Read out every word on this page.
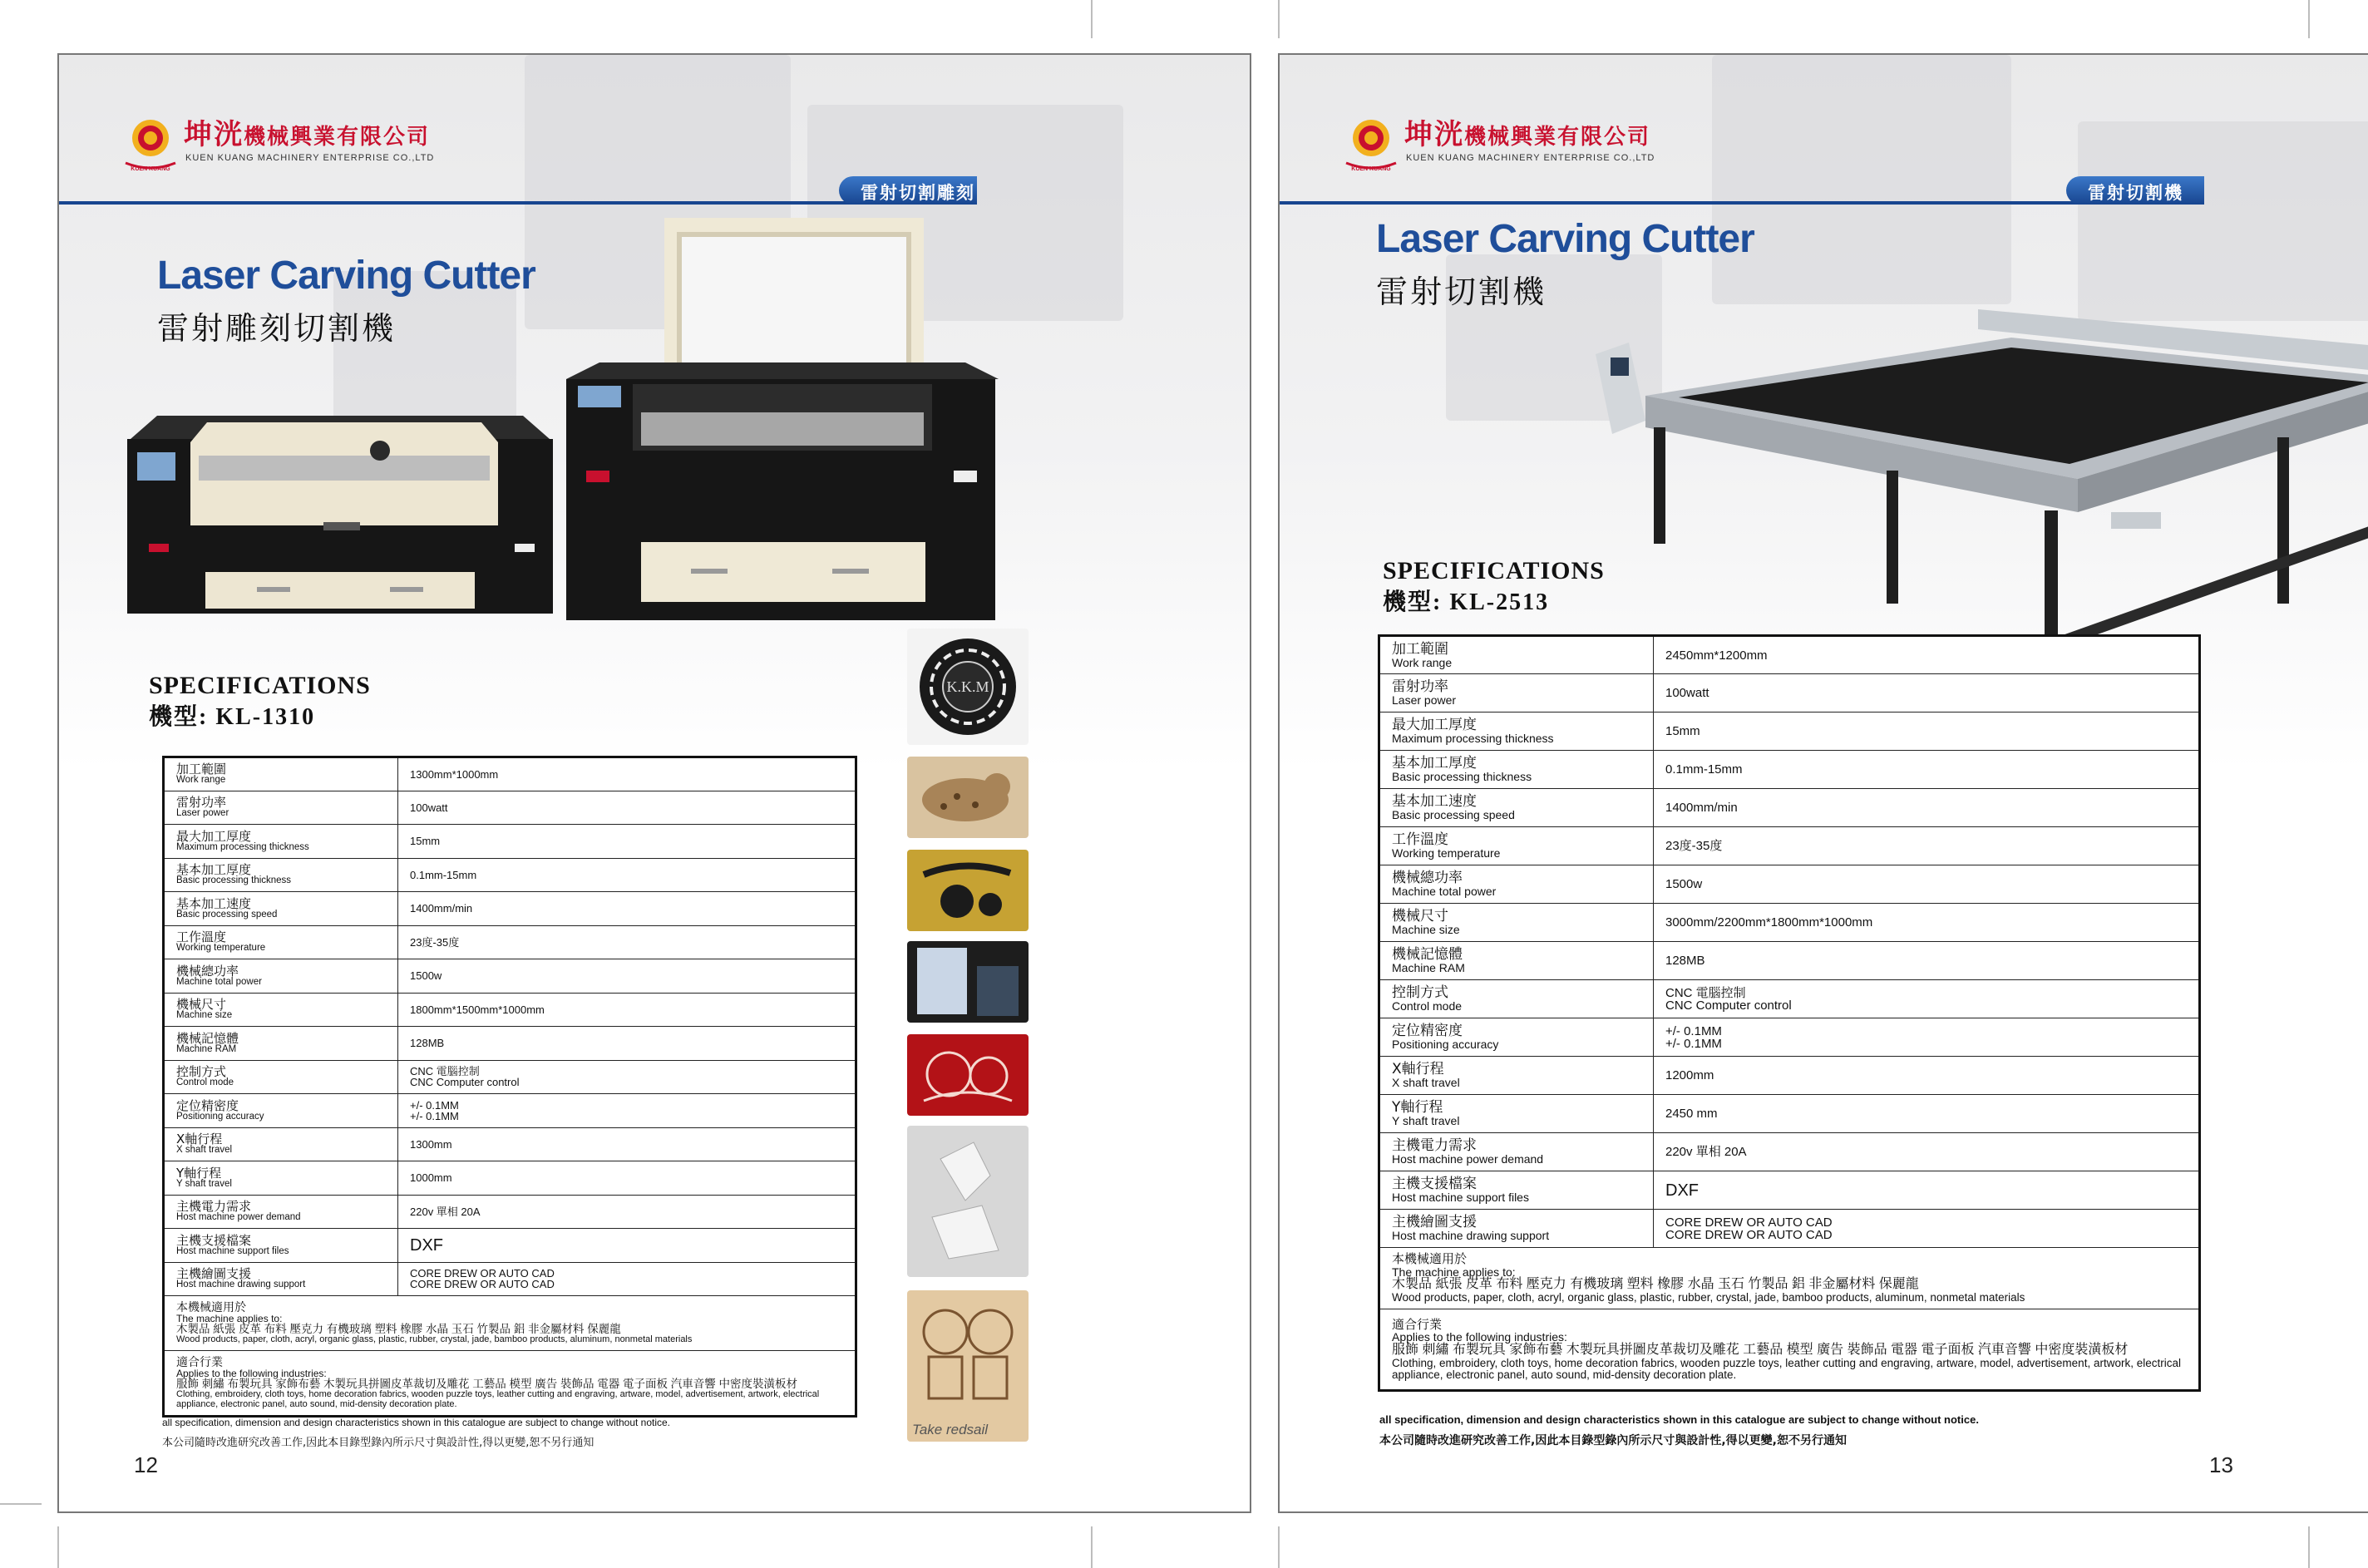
KUEN KUANG
坤洸機械興業有限公司
KUEN KUANG MACHINERY ENTERPRISE CO.,LTD
雷射切割雕刻
Laser Carving Cutter
雷射雕刻切割機
K.K.M
Take redsail
SPECIFICATIONS
機型: KL-1310
加工範圍
Work range	1300mm*1000mm

雷射功率
Laser power	100watt

最大加工厚度
Maximum processing thickness	15mm

基本加工厚度
Basic processing thickness	0.1mm-15mm

基本加工速度
Basic processing speed	1400mm/min

工作溫度
Working temperature	23度-35度

機械總功率
Machine total power	1500w

機械尺寸
Machine size	1800mm*1500mm*1000mm

機械記憶體
Machine RAM	128MB

控制方式
Control mode	CNC 電腦控制
CNC Computer control

定位精密度
Positioning accuracy	+/- 0.1MM
+/- 0.1MM

X軸行程
X shaft travel	1300mm

Y軸行程
Y shaft travel	1000mm

主機電力需求
Host machine power demand	220v 單相 20A

主機支援檔案
Host machine support files	DXF

主機繪圖支援
Host machine drawing support	CORE DREW OR AUTO CAD
CORE DREW OR AUTO CAD

本機械適用於
The machine applies to:
木製品 紙張 皮革 布料 壓克力 有機玻璃 塑料 橡膠 水晶 玉石 竹製品 鋁 非金屬材料 保麗龍
Wood products, paper, cloth, acryl, organic glass, plastic, rubber, crystal, jade, bamboo products, aluminum, nonmetal materials	

適合行業
Applies to the following industries:
服飾 刺繡 布製玩具 家飾布藝 木製玩具拼圖皮革裁切及雕花 工藝品 模型 廣告 裝飾品 電器 電子面板 汽車音響 中密度裝潢板材
Clothing, embroidery, cloth toys, home decoration fabrics, wooden puzzle toys, leather cutting and engraving, artware, model, advertisement, artwork, electrical appliance, electronic panel, auto sound, mid-density decoration plate.	
all specification, dimension and design characteristics shown in this catalogue are subject to change without notice.
本公司隨時改進研究改善工作,因此本目錄型錄內所示尺寸與設計性,得以更變,恕不另行通知
12
KUEN KUANG
坤洸機械興業有限公司
KUEN KUANG MACHINERY ENTERPRISE CO.,LTD
雷射切割機
Laser Carving Cutter
雷射切割機
SPECIFICATIONS
機型: KL-2513
加工範圍
Work range	2450mm*1200mm

雷射功率
Laser power	100watt

最大加工厚度
Maximum processing thickness	15mm

基本加工厚度
Basic processing thickness	0.1mm-15mm

基本加工速度
Basic processing speed	1400mm/min

工作溫度
Working temperature	23度-35度

機械總功率
Machine total power	1500w

機械尺寸
Machine size	3000mm/2200mm*1800mm*1000mm

機械記憶體
Machine RAM	128MB

控制方式
Control mode	CNC 電腦控制
CNC Computer control

定位精密度
Positioning accuracy	+/- 0.1MM
+/- 0.1MM

X軸行程
X shaft travel	1200mm

Y軸行程
Y shaft travel	2450 mm

主機電力需求
Host machine power demand	220v 單相 20A

主機支援檔案
Host machine support files	DXF

主機繪圖支援
Host machine drawing support	CORE DREW OR AUTO CAD
CORE DREW OR AUTO CAD

本機械適用於
The machine applies to:
木製品 紙張 皮革 布料 壓克力 有機玻璃 塑料 橡膠 水晶 玉石 竹製品 鋁 非金屬材料 保麗龍
Wood products, paper, cloth, acryl, organic glass, plastic, rubber, crystal, jade, bamboo products, aluminum, nonmetal materials	

適合行業
Applies to the following industries:
服飾 刺繡 布製玩具 家飾布藝 木製玩具拼圖皮革裁切及雕花 工藝品 模型 廣告 裝飾品 電器 電子面板 汽車音響 中密度裝潢板材
Clothing, embroidery, cloth toys, home decoration fabrics, wooden puzzle toys, leather cutting and engraving, artware, model, advertisement, artwork, electrical appliance, electronic panel, auto sound, mid-density decoration plate.	
all specification, dimension and design characteristics shown in this catalogue are subject to change without notice.
本公司隨時改進研究改善工作,因此本目錄型錄內所示尺寸與設計性,得以更變,恕不另行通知
13
